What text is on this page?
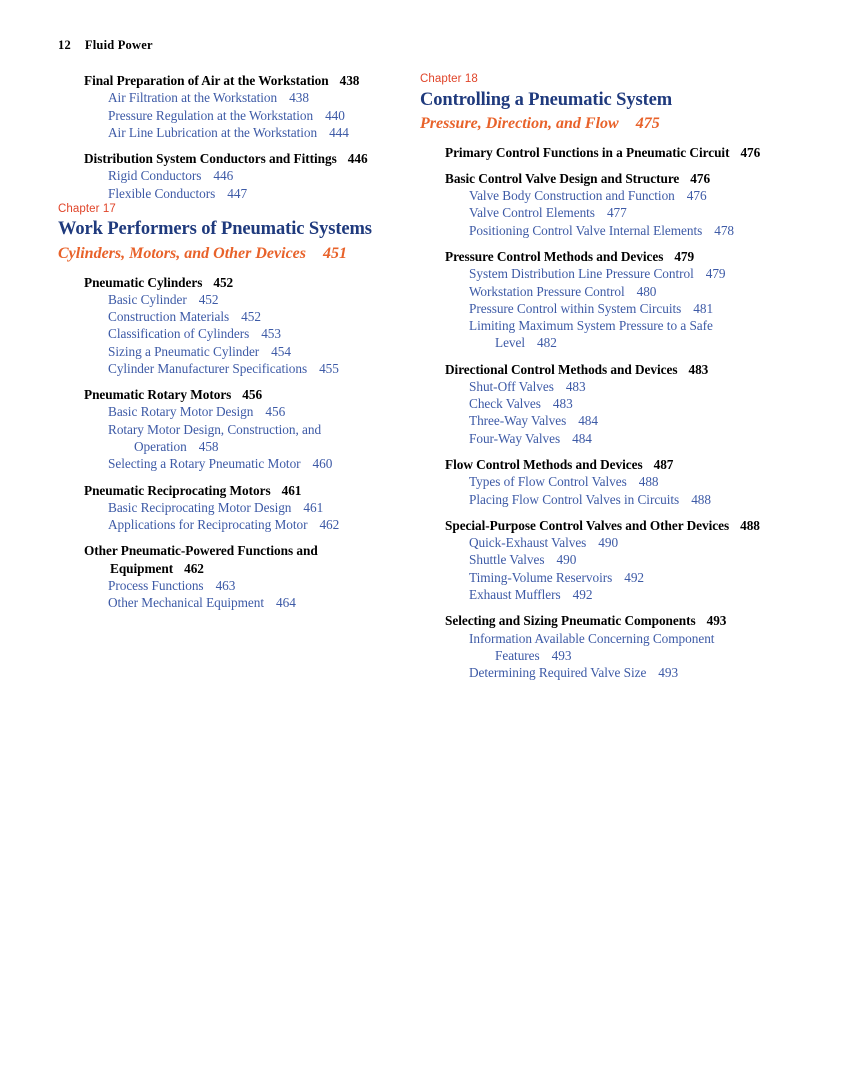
12 Fluid Power
Final Preparation of Air at the Workstation 438
Air Filtration at the Workstation 438
Pressure Regulation at the Workstation 440
Air Line Lubrication at the Workstation 444
Distribution System Conductors and Fittings 446
Rigid Conductors 446
Flexible Conductors 447
Chapter 17
Work Performers of Pneumatic Systems
Cylinders, Motors, and Other Devices 451
Pneumatic Cylinders 452
Basic Cylinder 452
Construction Materials 452
Classification of Cylinders 453
Sizing a Pneumatic Cylinder 454
Cylinder Manufacturer Specifications 455
Pneumatic Rotary Motors 456
Basic Rotary Motor Design 456
Rotary Motor Design, Construction, and Operation 458
Selecting a Rotary Pneumatic Motor 460
Pneumatic Reciprocating Motors 461
Basic Reciprocating Motor Design 461
Applications for Reciprocating Motor 462
Other Pneumatic-Powered Functions and Equipment 462
Process Functions 463
Other Mechanical Equipment 464
Chapter 18
Controlling a Pneumatic System
Pressure, Direction, and Flow 475
Primary Control Functions in a Pneumatic Circuit 476
Basic Control Valve Design and Structure 476
Valve Body Construction and Function 476
Valve Control Elements 477
Positioning Control Valve Internal Elements 478
Pressure Control Methods and Devices 479
System Distribution Line Pressure Control 479
Workstation Pressure Control 480
Pressure Control within System Circuits 481
Limiting Maximum System Pressure to a Safe Level 482
Directional Control Methods and Devices 483
Shut-Off Valves 483
Check Valves 483
Three-Way Valves 484
Four-Way Valves 484
Flow Control Methods and Devices 487
Types of Flow Control Valves 488
Placing Flow Control Valves in Circuits 488
Special-Purpose Control Valves and Other Devices 488
Quick-Exhaust Valves 490
Shuttle Valves 490
Timing-Volume Reservoirs 492
Exhaust Mufflers 492
Selecting and Sizing Pneumatic Components 493
Information Available Concerning Component Features 493
Determining Required Valve Size 493
